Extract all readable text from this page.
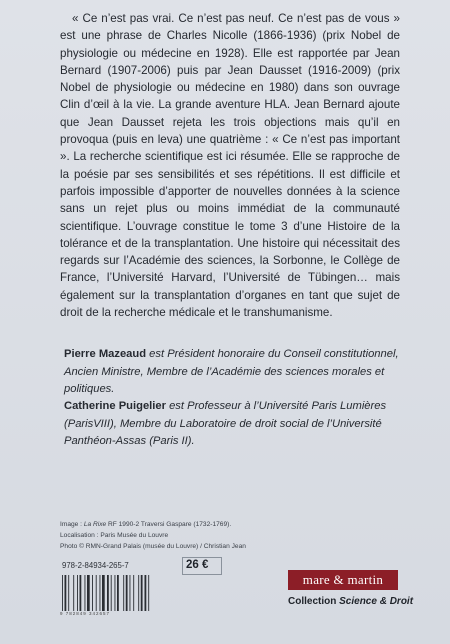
« Ce n’est pas vrai. Ce n’est pas neuf. Ce n’est pas de vous » est une phrase de Charles Nicolle (1866-1936) (prix Nobel de physiologie ou médecine en 1928). Elle est rapportée par Jean Bernard (1907-2006) puis par Jean Dausset (1916-2009) (prix Nobel de physiologie ou médecine en 1980) dans son ouvrage Clin d’œil à la vie. La grande aventure HLA. Jean Bernard ajoute que Jean Dausset rejeta les trois objections mais qu’il en provoqua (puis en leva) une quatrième : « Ce n’est pas important ». La recherche scientifique est ici résumée. Elle se rapproche de la poésie par ses sensibilités et ses répétitions. Il est difficile et parfois impossible d’apporter de nouvelles données à la science sans un rejet plus ou moins immédiat de la communauté scientifique. L’ouvrage constitue le tome 3 d’une Histoire de la tolérance et de la transplantation. Une histoire qui nécessitait des regards sur l’Académie des sciences, la Sorbonne, le Collège de France, l’Université Harvard, l’Université de Tübingen… mais également sur la transplantation d’organes en tant que sujet de droit de la recherche médicale et le transhumanisme.

Pierre Mazeaud est Président honoraire du Conseil constitutionnel, Ancien Ministre, Membre de l’Académie des sciences morales et politiques.
Catherine Puigelier est Professeur à l’Université Paris Lumières (ParisVIII), Membre du Laboratoire de droit social de l’Université Panthéon-Assas (Paris II).
Image : La Rixe RF 1990-2 Traversi Gaspare (1732-1769).
Localisation : Paris Musée du Louvre
Photo © RMN-Grand Palais (musée du Louvre) / Christian Jean
978-2-84934-265-7	26 €
9 782849 342657
mare & martin
Collection Science & Droit
